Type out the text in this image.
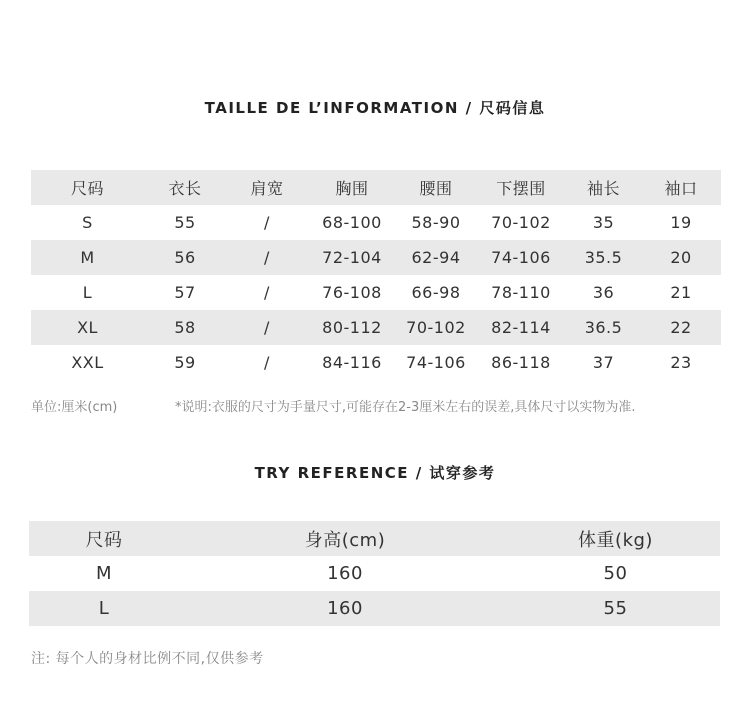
TAILLE DE L’INFORMATION / 尺码信息
尺码	衣长	肩宽	胸围	腰围	下摆围	袖长	袖口
S	55	/	68-100	58-90	70-102	35	19
M	56	/	72-104	62-94	74-106	35.5	20
L	57	/	76-108	66-98	78-110	36	21
XL	58	/	80-112	70-102	82-114	36.5	22
XXL	59	/	84-116	74-106	86-118	37	23
单位:厘米(cm)	*说明:衣服的尺寸为手量尺寸,可能存在2-3厘米左右的误差,具体尺寸以实物为准.
TRY REFERENCE / 试穿参考
尺码	身高(cm)	体重(kg)
M	160	50
L	160	55
注: 每个人的身材比例不同,仅供参考
